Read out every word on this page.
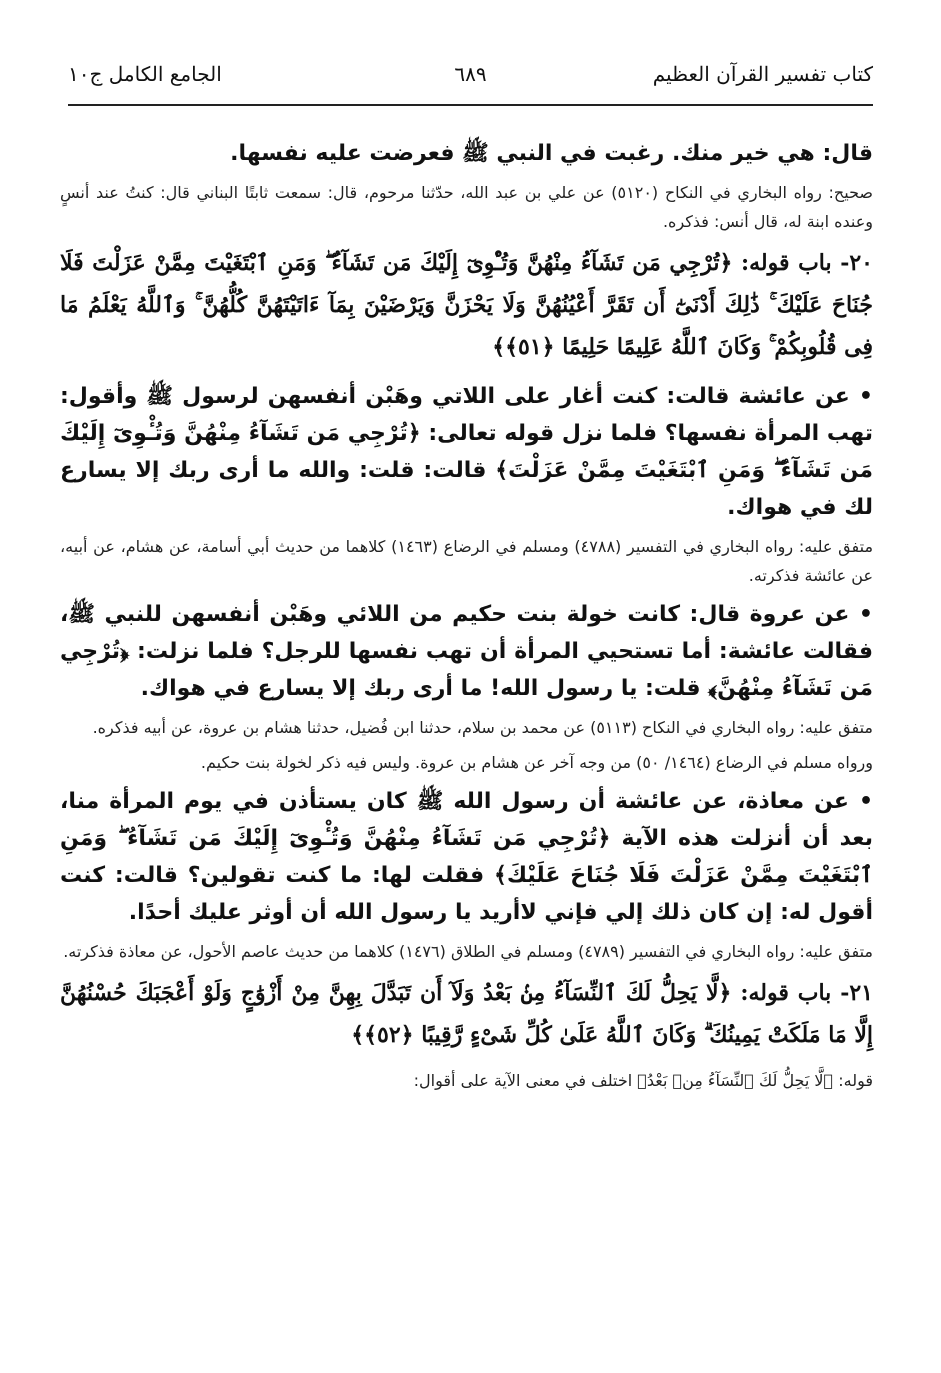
كتاب تفسير القرآن العظيم
٦٨٩
الجامع الكامل ج١٠

قال: هي خير منك. رغبت في النبي ﷺ فعرضت عليه نفسها.

صحيح: رواه البخاري في النكاح (٥١٢٠) عن علي بن عبد الله، حدّثنا مرحوم، قال: سمعت ثابتًا البناني قال: كنتُ عند أنسٍ وعنده ابنة له، قال أنس: فذكره.

٢٠- باب قوله: ﴿تُرْجِي مَن تَشَآءُ مِنْهُنَّ وَتُـْٔوِىٓ إِلَيْكَ مَن تَشَآءُ ۖ وَمَنِ ٱبْتَغَيْتَ مِمَّنْ عَزَلْتَ فَلَا جُنَاحَ عَلَيْكَ ۚ ذَٰلِكَ أَدْنَىٰٓ أَن تَقَرَّ أَعْيُنُهُنَّ وَلَا يَحْزَنَّ وَيَرْضَيْنَ بِمَآ ءَاتَيْتَهُنَّ كُلُّهُنَّ ۚ وَٱللَّهُ يَعْلَمُ مَا فِى قُلُوبِكُمْ ۚ وَكَانَ ٱللَّهُ عَلِيمًا حَلِيمًا ﴿٥١﴾﴾

• عن عائشة قالت: كنت أغار على اللاتي وهَبْن أنفسهن لرسول ﷺ وأقول: تهب المرأة نفسها؟ فلما نزل قوله تعالى: ﴿تُرْجِي مَن تَشَآءُ مِنْهُنَّ وَتُـْٔوِىٓ إِلَيْكَ مَن تَشَآءُ ۖ وَمَنِ ٱبْتَغَيْتَ مِمَّنْ عَزَلْتَ﴾ قالت: قلت: والله ما أرى ربك إلا يسارع لك في هواك.

متفق عليه: رواه البخاري في التفسير (٤٧٨٨) ومسلم في الرضاع (١٤٦٣) كلاهما من حديث أبي أسامة، عن هشام، عن أبيه، عن عائشة فذكرته.

• عن عروة قال: كانت خولة بنت حكيم من اللائي وهَبْن أنفسهن للنبي ﷺ، فقالت عائشة: أما تستحيي المرأة أن تهب نفسها للرجل؟ فلما نزلت: ﴿تُرْجِي مَن تَشَآءُ مِنْهُنَّ﴾ قلت: يا رسول الله! ما أرى ربك إلا يسارع في هواك.

متفق عليه: رواه البخاري في النكاح (٥١١٣) عن محمد بن سلام، حدثنا ابن فُضيل، حدثنا هشام بن عروة، عن أبيه فذكره.

ورواه مسلم في الرضاع (١٤٦٤/ ٥٠) من وجه آخر عن هشام بن عروة. وليس فيه ذكر لخولة بنت حكيم.

• عن معاذة، عن عائشة أن رسول الله ﷺ كان يستأذن في يوم المرأة منا، بعد أن أنزلت هذه الآية ﴿تُرْجِي مَن تَشَآءُ مِنْهُنَّ وَتُـْٔوِىٓ إِلَيْكَ مَن تَشَآءُ ۖ وَمَنِ ٱبْتَغَيْتَ مِمَّنْ عَزَلْتَ فَلَا جُنَاحَ عَلَيْكَ﴾ فقلت لها: ما كنت تقولين؟ قالت: كنت أقول له: إن كان ذلك إلي فإني لاأريد يا رسول الله أن أوثر عليك أحدًا.

متفق عليه: رواه البخاري في التفسير (٤٧٨٩) ومسلم في الطلاق (١٤٧٦) كلاهما من حديث عاصم الأحول، عن معاذة فذكرته.

٢١- باب قوله: ﴿لَّا يَحِلُّ لَكَ ٱلنِّسَآءُ مِنۢ بَعْدُ وَلَآ أَن تَبَدَّلَ بِهِنَّ مِنْ أَزْوَٰجٍ وَلَوْ أَعْجَبَكَ حُسْنُهُنَّ إِلَّا مَا مَلَكَتْ يَمِينُكَ ۗ وَكَانَ ٱللَّهُ عَلَىٰ كُلِّ شَىْءٍ رَّقِيبًا ﴿٥٢﴾﴾

قوله: ﴿لَّا يَحِلُّ لَكَ ٱلنِّسَآءُ مِنۢ بَعْدُ﴾ اختلف في معنى الآية على أقوال:
